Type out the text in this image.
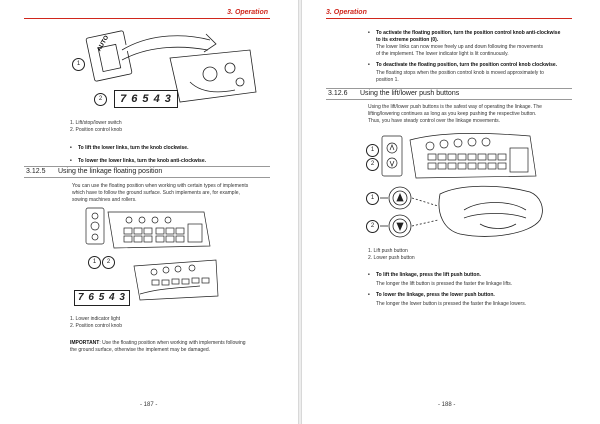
3. Operation
AUTO
1
2	7 6 5 4 3
1. Lift/stop/lower switch
2. Position control knob
• To lift the lower links, turn the knob clockwise.
• To lower the lower links, turn the knob anti-clockwise.
3.12.5 Using the linkage floating position
You can use the floating position when working with certain types of implements
which have to follow the ground surface. Such implements are, for example,
sowing machines and rollers.
1	2
7 6 5 4 3
1. Lower indicator light
2. Position control knob
IMPORTANT: Use the floating position when working with implements following
the ground surface, otherwise the implement may be damaged.
- 187 -
3. Operation
• To activate the floating position, turn the position control knob anti-clockwise
to its extreme position (0).
The lower links can now move freely up and down following the movements
of the implement. The lower indicator light is lit continuously.
• To deactivate the floating position, turn the position control knob clockwise.
The floating stops when the position control knob is moved approximately to
position 1.
3.12.6 Using the lift/lower push buttons
Using the lift/lower push buttons is the safest way of operating the linkage. The
lifting/lowering continues as long as you keep pushing the respective button.
Thus, you have steady control over the linkage movements.
1
2
1
2
1. Lift push button
2. Lower push button
• To lift the linkage, press the lift push button.
The longer the lift button is pressed the faster the linkage lifts.
• To lower the linkage, press the lower push button.
The longer the lower button is pressed the faster the linkage lowers.
- 188 -
